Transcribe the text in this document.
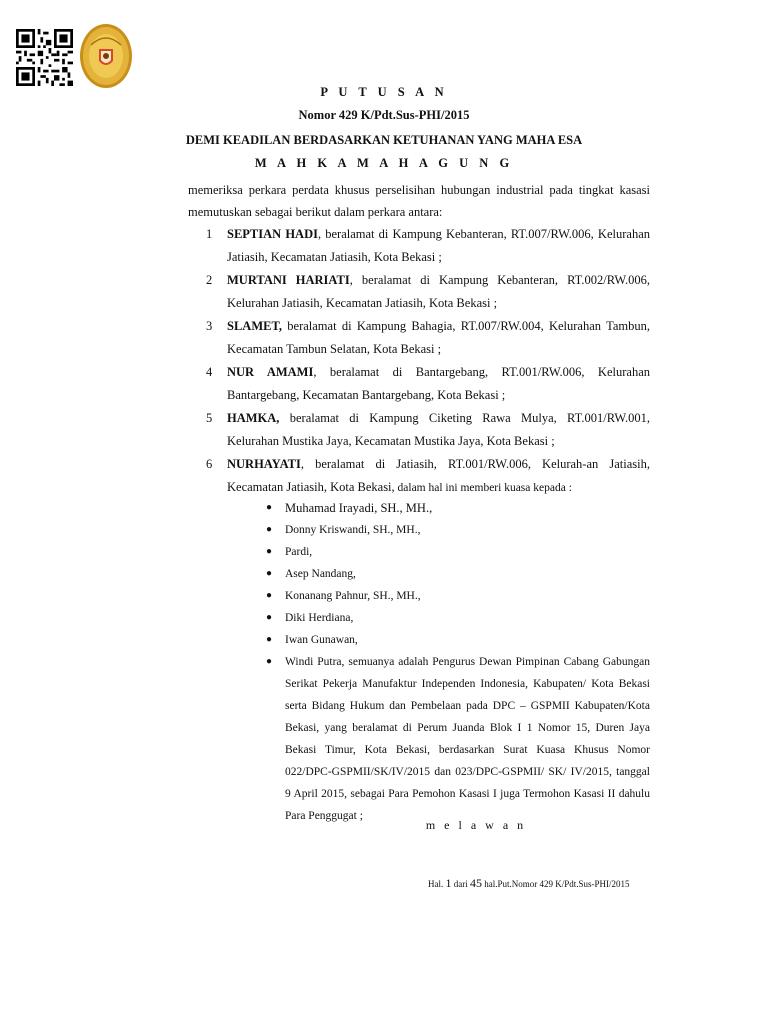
P U T U S A N
Nomor 429 K/Pdt.Sus-PHI/2015
DEMI KEADILAN BERDASARKAN KETUHANAN YANG MAHA ESA
M A H K A M A H A G U N G
memeriksa perkara perdata khusus perselisihan hubungan industrial pada tingkat kasasi memutuskan sebagai berikut dalam perkara antara:
1	SEPTIAN HADI, beralamat di Kampung Kebanteran, RT.007/RW.006, Kelurahan Jatiasih, Kecamatan Jatiasih, Kota Bekasi ;
2	MURTANI HARIATI, beralamat di Kampung Kebanteran, RT.002/RW.006, Kelurahan Jatiasih, Kecamatan Jatiasih, Kota Bekasi ;
3	SLAMET, beralamat di Kampung Bahagia, RT.007/RW.004, Kelurahan Tambun, Kecamatan Tambun Selatan, Kota Bekasi ;
4	NUR AMAMI, beralamat di Bantargebang, RT.001/RW.006, Kelurahan Bantargebang, Kecamatan Bantargebang, Kota Bekasi ;
5	HAMKA, beralamat di Kampung Ciketing Rawa Mulya, RT.001/RW.001, Kelurahan Mustika Jaya, Kecamatan Mustika Jaya, Kota Bekasi ;
6	NURHAYATI, beralamat di Jatiasih, RT.001/RW.006, Kelurah-an Jatiasih, Kecamatan Jatiasih, Kota Bekasi, dalam hal ini memberi kuasa kepada :
● Muhamad Irayadi, SH., MH.,
● Donny Kriswandi, SH., MH.,
● Pardi,
● Asep Nandang,
● Konanang Pahnur, SH., MH.,
● Diki Herdiana,
● Iwan Gunawan,
● Windi Putra, semuanya adalah Pengurus Dewan Pimpinan Cabang Gabungan Serikat Pekerja Manufaktur Independen Indonesia, Kabupaten/ Kota Bekasi serta Bidang Hukum dan Pembelaan pada DPC – GSPMII Kabupaten/Kota Bekasi, yang beralamat di Perum Juanda Blok I 1 Nomor 15, Duren Jaya Bekasi Timur, Kota Bekasi, berdasarkan Surat Kuasa Khusus Nomor 022/DPC-GSPMII/SK/IV/2015 dan 023/DPC-GSPMII/ SK/ IV/2015, tanggal 9 April 2015, sebagai Para Pemohon Kasasi I juga Termohon Kasasi II dahulu Para Penggugat ;
m e l a w a n
Hal. 1 dari 45 hal.Put.Nomor 429 K/Pdt.Sus-PHI/2015
